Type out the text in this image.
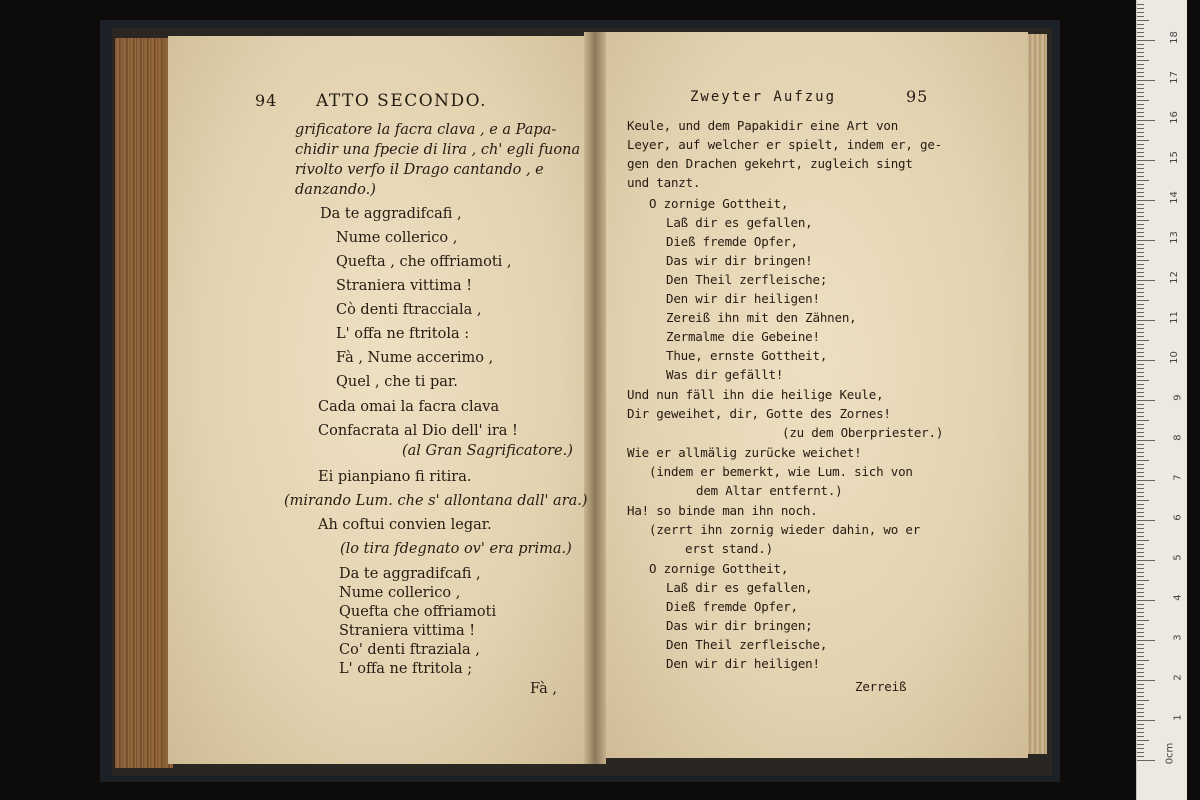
94 ATTO SECONDO.
grificatore la facra clava , e a Papa-
chidir una fpecie di lira , ch' egli fuona
rivolto verfo il Drago cantando , e
danzando.)
Da te aggradifcafi ,
Nume collerico ,
Quefta , che offriamoti ,
Straniera vittima !
Cò denti ftracciala ,
L' offa ne ftritola :
Fà , Nume accerimo ,
Quel , che ti par.
Cada omai la facra clava
Confacrata al Dio dell' ira !
(al Gran Sagrificatore.)
Ei pianpiano fi ritira.
(mirando Lum. che s' allontana dall' ara.)
Ah coftui convien legar.
(lo tira fdegnato ov' era prima.)
Da te aggradifcafi ,
Nume collerico ,
Quefta che offriamoti
Straniera vittima !
Co' denti ftraziala ,
L' offa ne ftritola ;
Fà ,
Zweyter Aufzug	95
Keule, und dem Papakidir eine Art von
Leyer, auf welcher er spielt, indem er, ge-
gen den Drachen gekehrt, zugleich singt
und tanzt.
O zornige Gottheit,
Laß dir es gefallen,
Dieß fremde Opfer,
Das wir dir bringen!
Den Theil zerfleische;
Den wir dir heiligen!
Zereiß ihn mit den Zähnen,
Zermalme die Gebeine!
Thue, ernste Gottheit,
Was dir gefällt!
Und nun fäll ihn die heilige Keule,
Dir geweihet, dir, Gotte des Zornes!
(zu dem Oberpriester.)
Wie er allmälig zurücke weichet!
(indem er bemerkt, wie Lum. sich von
dem Altar entfernt.)
Ha! so binde man ihn noch.
(zerrt ihn zornig wieder dahin, wo er
erst stand.)
O zornige Gottheit,
Laß dir es gefallen,
Dieß fremde Opfer,
Das wir dir bringen;
Den Theil zerfleische,
Den wir dir heiligen!
Zerreiß
0cm
1
2
3
4
5
6
7
8
9
10
11
12
13
14
15
16
17
18
